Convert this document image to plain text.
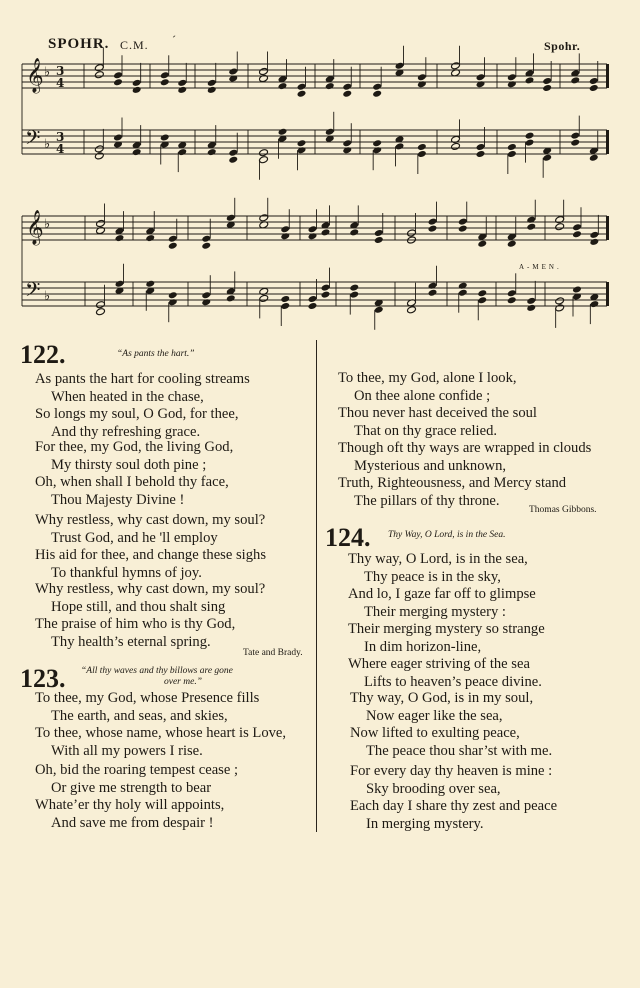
SPOHR. C.M. ˊ	Spohr.
𝄞
𝄢
♭
♭
3
4
3
4
𝄞
𝄢
♭
♭
A-MEN.
122.	“As pants the hart.”
As pants the hart for cooling streams
When heated in the chase,
So longs my soul, O God, for thee,
And thy refreshing grace.
For thee, my God, the living God,
My thirsty soul doth pine ;
Oh, when shall I behold thy face,
Thou Majesty Divine !
Why restless, why cast down, my soul?
Trust God, and he 'll employ
His aid for thee, and change these sighs
To thankful hymns of joy.
Why restless, why cast down, my soul?
Hope still, and thou shalt sing
The praise of him who is thy God,
Thy health’s eternal spring.
Tate and Brady.
123. “All thy waves and thy billows are gone
over me.”
To thee, my God, whose Presence fills
The earth, and seas, and skies,
To thee, whose name, whose heart is Love,
With all my powers I rise.
Oh, bid the roaring tempest cease ;
Or give me strength to bear
Whate’er thy holy will appoints,
And save me from despair !
To thee, my God, alone I look,
On thee alone confide ;
Thou never hast deceived the soul
That on thy grace relied.
Though oft thy ways are wrapped in clouds
Mysterious and unknown,
Truth, Righteousness, and Mercy stand
The pillars of thy throne.
Thomas Gibbons.
124. Thy Way, O Lord, is in the Sea.
Thy way, O Lord, is in the sea,
Thy peace is in the sky,
And lo, I gaze far off to glimpse
Their merging mystery :
Their merging mystery so strange
In dim horizon-line,
Where eager striving of the sea
Lifts to heaven’s peace divine.
Thy way, O God, is in my soul,
Now eager like the sea,
Now lifted to exulting peace,
The peace thou shar’st with me.
For every day thy heaven is mine :
Sky brooding over sea,
Each day I share thy zest and peace
In merging mystery.
